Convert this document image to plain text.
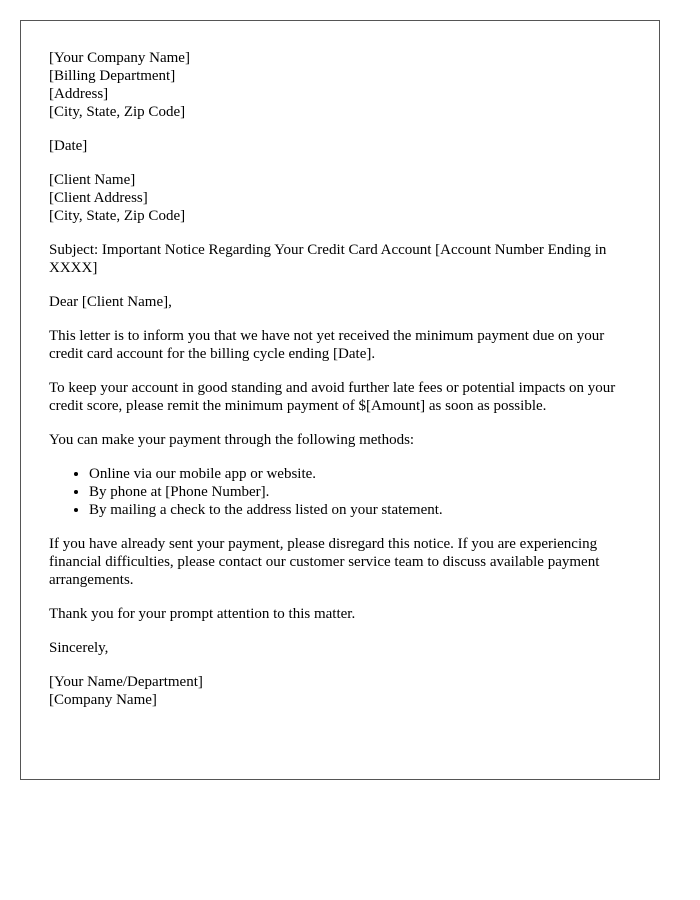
[Your Company Name]
[Billing Department]
[Address]
[City, State, Zip Code]
[Date]
[Client Name]
[Client Address]
[City, State, Zip Code]

Subject: Important Notice Regarding Your Credit Card Account [Account Number Ending in XXXX]

Dear [Client Name],

This letter is to inform you that we have not yet received the minimum payment due on your credit card account for the billing cycle ending [Date].

To keep your account in good standing and avoid further late fees or potential impacts on your credit score, please remit the minimum payment of $[Amount] as soon as possible.

You can make your payment through the following methods:

• Online via our mobile app or website.
• By phone at [Phone Number].
• By mailing a check to the address listed on your statement.

If you have already sent your payment, please disregard this notice. If you are experiencing financial difficulties, please contact our customer service team to discuss available payment arrangements.

Thank you for your prompt attention to this matter.

Sincerely,

[Your Name/Department]
[Company Name]
